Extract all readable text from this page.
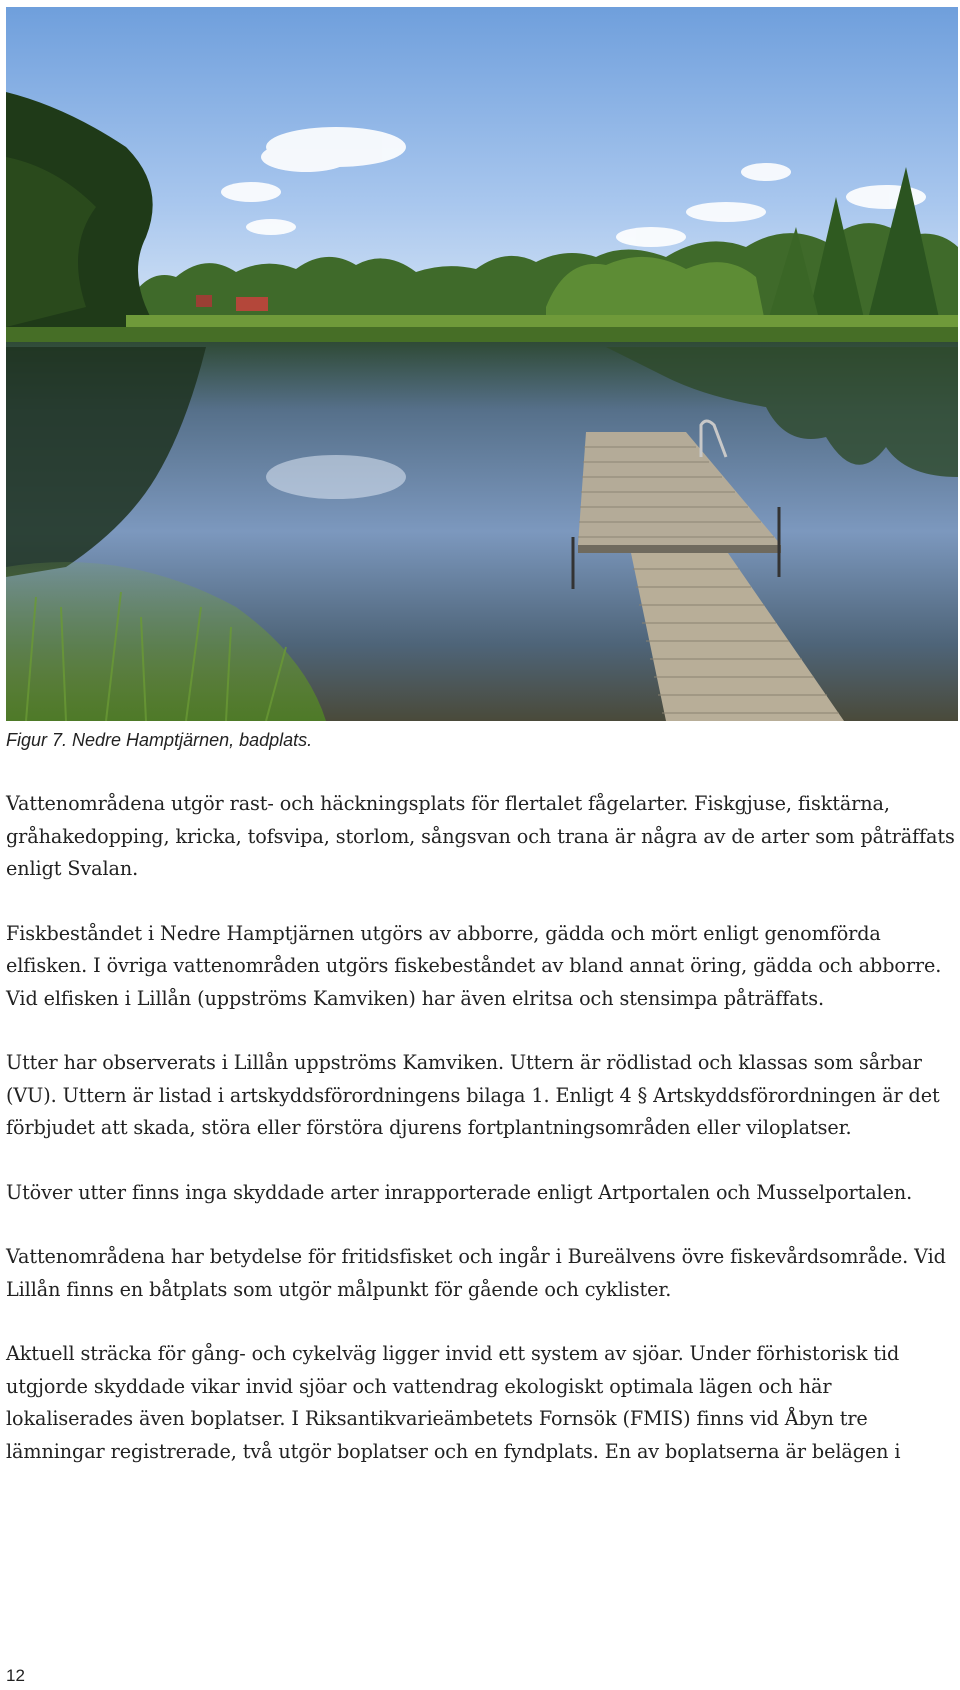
Figur 7. Nedre Hamptjärnen, badplats.

Vattenområdena utgör rast- och häckningsplats för flertalet fågelarter. Fiskgjuse, fisktärna, gråhakedopping, kricka, tofsvipa, storlom, sångsvan och trana är några av de arter som påträffats enligt Svalan.

Fiskbeståndet i Nedre Hamptjärnen utgörs av abborre, gädda och mört enligt genomförda elfisken. I övriga vattenområden utgörs fiskebeståndet av bland annat öring, gädda och abborre. Vid elfisken i Lillån (uppströms Kamviken) har även elritsa och stensimpa påträffats.

Utter har observerats i Lillån uppströms Kamviken. Uttern är rödlistad och klassas som sårbar (VU). Uttern är listad i artskyddsförordningens bilaga 1. Enligt 4 § Artskyddsförordningen är det förbjudet att skada, störa eller förstöra djurens fortplantningsområden eller viloplatser.

Utöver utter finns inga skyddade arter inrapporterade enligt Artportalen och Musselportalen.

Vattenområdena har betydelse för fritidsfisket och ingår i Bureälvens övre fiskevårdsområde. Vid Lillån finns en båtplats som utgör målpunkt för gående och cyklister.

Aktuell sträcka för gång- och cykelväg ligger invid ett system av sjöar. Under förhistorisk tid utgjorde skyddade vikar invid sjöar och vattendrag ekologiskt optimala lägen och här lokaliserades även boplatser. I Riksantikvarieämbetets Fornsök (FMIS) finns vid Åbyn tre lämningar registrerade, två utgör boplatser och en fyndplats. En av boplatserna är belägen i

12
